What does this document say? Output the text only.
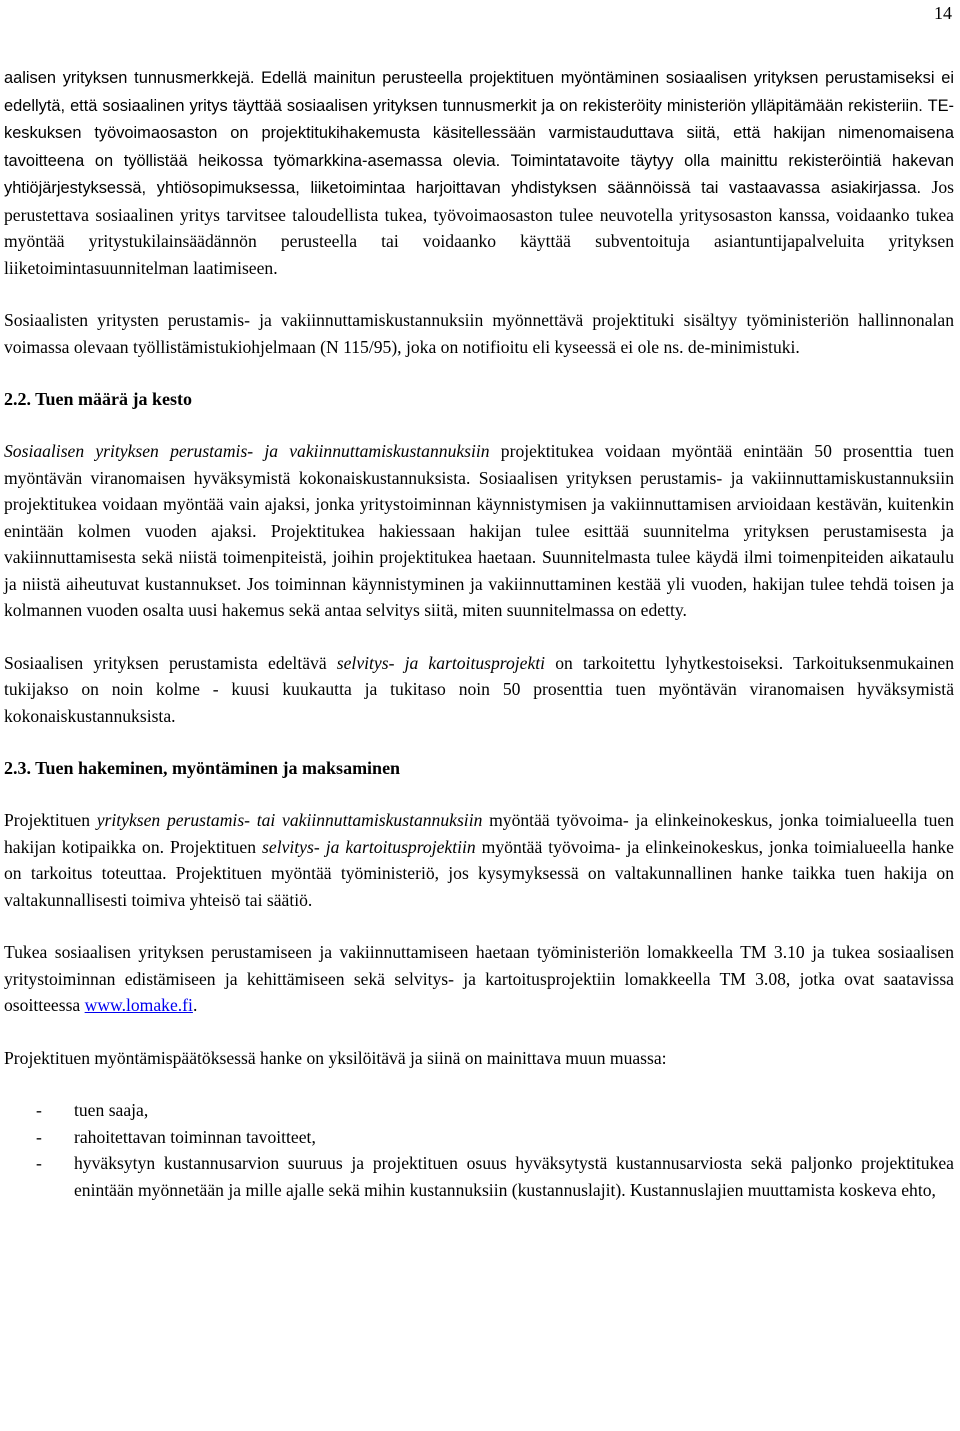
14

aalisen yrityksen tunnusmerkkejä. Edellä mainitun perusteella projektituen myöntäminen sosiaalisen yrityksen perustamiseksi ei edellytä, että sosiaalinen yritys täyttää sosiaalisen yrityksen tunnusmerkit ja on rekisteröity ministeriön ylläpitämään rekisteriin. TE-keskuksen työvoimaosaston on projektitukihakemusta käsitellessään varmistauduttava siitä, että hakijan nimenomaisena tavoitteena on työllistää heikossa työmarkkina-asemassa olevia. Toimintatavoite täytyy olla mainittu rekisteröintiä hakevan yhtiöjärjestyksessä, yhtiösopimuksessa, liiketoimintaa harjoittavan yhdistyksen säännöissä tai vastaavassa asiakirjassa. Jos perustettava sosiaalinen yritys tarvitsee taloudellista tukea, työvoimaosaston tulee neuvotella yritysosaston kanssa, voidaanko tukea myöntää yritystukilainsäädännön perusteella tai voidaanko käyttää subventoituja asiantuntijapalveluita yrityksen liiketoimintasuunnitelman laatimiseen.

Sosiaalisten yritysten perustamis- ja vakiinnuttamiskustannuksiin myönnettävä projektituki sisältyy työministeriön hallinnonalan voimassa olevaan työllistämistukiohjelmaan (N 115/95), joka on notifioitu eli kyseessä ei ole ns. de-minimistuki.

2.2. Tuen määrä ja kesto

Sosiaalisen yrityksen perustamis- ja vakiinnuttamiskustannuksiin projektitukea voidaan myöntää enintään 50 prosenttia tuen myöntävän viranomaisen hyväksymistä kokonaiskustannuksista. Sosiaalisen yrityksen perustamis- ja vakiinnuttamiskustannuksiin projektitukea voidaan myöntää vain ajaksi, jonka yritystoiminnan käynnistymisen ja vakiinnuttamisen arvioidaan kestävän, kuitenkin enintään kolmen vuoden ajaksi. Projektitukea hakiessaan hakijan tulee esittää suunnitelma yrityksen perustamisesta ja vakiinnuttamisesta sekä niistä toimenpiteistä, joihin projektitukea haetaan. Suunnitelmasta tulee käydä ilmi toimenpiteiden aikataulu ja niistä aiheutuvat kustannukset. Jos toiminnan käynnistyminen ja vakiinnuttaminen kestää yli vuoden, hakijan tulee tehdä toisen ja kolmannen vuoden osalta uusi hakemus sekä antaa selvitys siitä, miten suunnitelmassa on edetty.

Sosiaalisen yrityksen perustamista edeltävä selvitys- ja kartoitusprojekti on tarkoitettu lyhytkestoiseksi. Tarkoituksenmukainen tukijakso on noin kolme - kuusi kuukautta ja tukitaso noin 50 prosenttia tuen myöntävän viranomaisen hyväksymistä kokonaiskustannuksista.

2.3. Tuen hakeminen, myöntäminen ja maksaminen

Projektituen yrityksen perustamis- tai vakiinnuttamiskustannuksiin myöntää työvoima- ja elinkeinokeskus, jonka toimialueella tuen hakijan kotipaikka on. Projektituen selvitys- ja kartoitusprojektiin myöntää työvoima- ja elinkeinokeskus, jonka toimialueella hanke on tarkoitus toteuttaa. Projektituen myöntää työministeriö, jos kysymyksessä on valtakunnallinen hanke taikka tuen hakija on valtakunnallisesti toimiva yhteisö tai säätiö.

Tukea sosiaalisen yrityksen perustamiseen ja vakiinnuttamiseen haetaan työministeriön lomakkeella TM 3.10 ja tukea sosiaalisen yritystoiminnan edistämiseen ja kehittämiseen sekä selvitys- ja kartoitusprojektiin lomakkeella TM 3.08, jotka ovat saatavissa osoitteessa www.lomake.fi.

Projektituen myöntämispäätöksessä hanke on yksilöitävä ja siinä on mainittava muun muassa:

- tuen saaja,
- rahoitettavan toiminnan tavoitteet,
- hyväksytyn kustannusarvion suuruus ja projektituen osuus hyväksytystä kustannusarviosta sekä paljonko projektitukea enintään myönnetään ja mille ajalle sekä mihin kustannuksiin (kustannuslajit). Kustannuslajien muuttamista koskeva ehto,
